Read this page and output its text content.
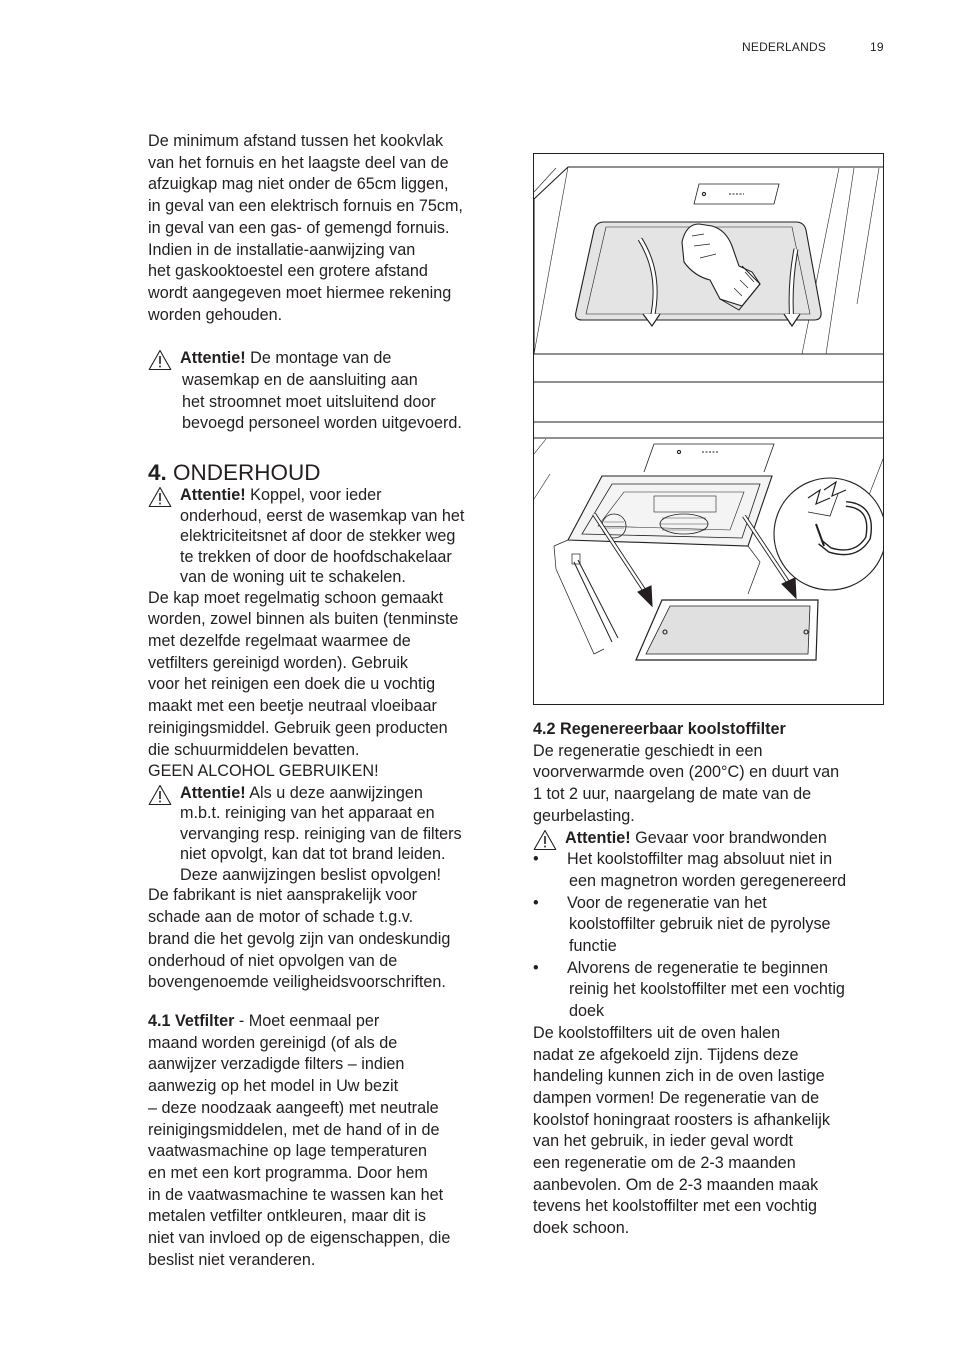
NEDERLANDS	19

De minimum afstand tussen het kookvlak

van het fornuis en het laagste deel van de

afzuigkap mag niet onder de 65cm liggen,

in geval van een elektrisch fornuis en 75cm,

in geval van een gas- of gemengd fornuis.

Indien in de installatie-aanwijzing van

het gaskooktoestel een grotere afstand

wordt aangegeven moet hiermee rekening

worden gehouden.

Attentie! De montage van de

wasemkap en de aansluiting aan

het stroomnet moet uitsluitend door

bevoegd personeel worden uitgevoerd.

4. ONDERHOUD

Attentie! Koppel, voor ieder

onderhoud, eerst de wasemkap van het

elektriciteitsnet af door de stekker weg

te trekken of door de hoofdschakelaar

van de woning uit te schakelen.

De kap moet regelmatig schoon gemaakt

worden, zowel binnen als buiten (tenminste

met dezelfde regelmaat waarmee de

vetfilters gereinigd worden). Gebruik

voor het reinigen een doek die u vochtig

maakt met een beetje neutraal vloeibaar

reinigingsmiddel. Gebruik geen producten

die schuurmiddelen bevatten.

GEEN ALCOHOL GEBRUIKEN!

Attentie! Als u deze aanwijzingen

m.b.t. reiniging van het apparaat en

vervanging resp. reiniging van de filters

niet opvolgt, kan dat tot brand leiden.

Deze aanwijzingen beslist opvolgen!

De fabrikant is niet aansprakelijk voor

schade aan de motor of schade t.g.v.

brand die het gevolg zijn van ondeskundig

onderhoud of niet opvolgen van de

bovengenoemde veiligheidsvoorschriften.

4.1 Vetfilter - Moet eenmaal per

maand worden gereinigd (of als de

aanwijzer verzadigde filters – indien

aanwezig op het model in Uw bezit

– deze noodzaak aangeeft) met neutrale

reinigingsmiddelen, met de hand of in de

vaatwasmachine op lage temperaturen

en met een kort programma. Door hem

in de vaatwasmachine te wassen kan het

metalen vetfilter ontkleuren, maar dit is

niet van invloed op de eigenschappen, die

beslist niet veranderen.

4.2 Regenereerbaar koolstoffilter

De regeneratie geschiedt in een

voorverwarmde oven (200°C) en duurt van

1 tot 2 uur, naargelang de mate van de

geurbelasting.

Attentie! Gevaar voor brandwonden

• Het koolstoffilter mag absoluut niet in

een magnetron worden geregenereerd

• Voor de regeneratie van het

koolstoffilter gebruik niet de pyrolyse

functie

• Alvorens de regeneratie te beginnen

reinig het koolstoffilter met een vochtig

doek

De koolstoffilters uit de oven halen

nadat ze afgekoeld zijn. Tijdens deze

handeling kunnen zich in de oven lastige

dampen vormen! De regeneratie van de

koolstof honingraat roosters is afhankelijk

van het gebruik, in ieder geval wordt

een regeneratie om de 2-3 maanden

aanbevolen. Om de 2-3 maanden maak

tevens het koolstoffilter met een vochtig

doek schoon.
